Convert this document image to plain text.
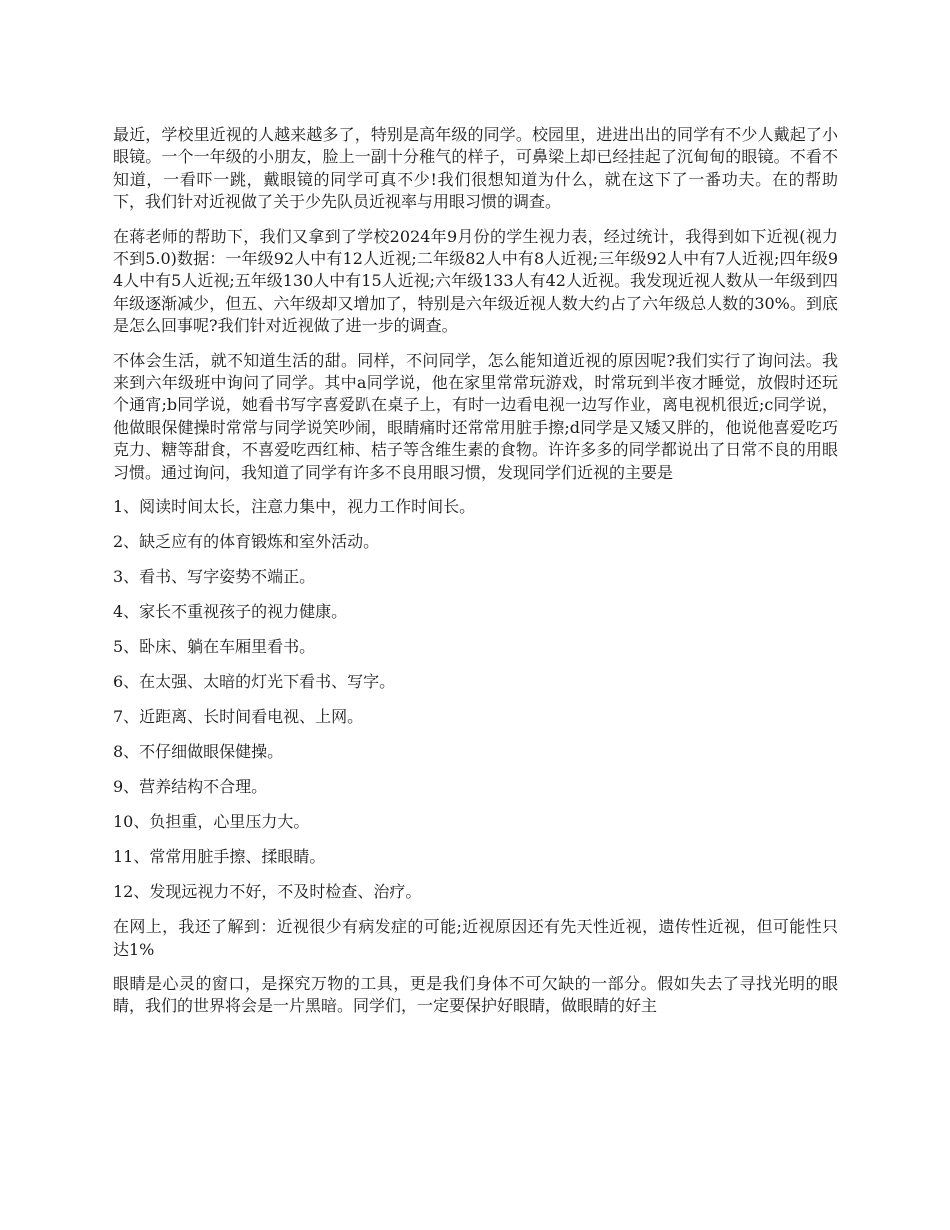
最近，学校里近视的人越来越多了，特别是高年级的同学。校园里，进进出出的同学有不少人戴起了小眼镜。一个一年级的小朋友，脸上一副十分稚气的样子，可鼻梁上却已经挂起了沉甸甸的眼镜。不看不知道，一看吓一跳，戴眼镜的同学可真不少!我们很想知道为什么，就在这下了一番功夫。在的帮助下，我们针对近视做了关于少先队员近视率与用眼习惯的调查。

在蒋老师的帮助下，我们又拿到了学校2024年9月份的学生视力表，经过统计，我得到如下近视(视力不到5.0)数据：一年级92人中有12人近视;二年级82人中有8人近视;三年级92人中有7人近视;四年级94人中有5人近视;五年级130人中有15人近视;六年级133人有42人近视。我发现近视人数从一年级到四年级逐渐减少，但五、六年级却又增加了，特别是六年级近视人数大约占了六年级总人数的30%。到底是怎么回事呢?我们针对近视做了进一步的调查。

不体会生活，就不知道生活的甜。同样，不问同学，怎么能知道近视的原因呢?我们实行了询问法。我来到六年级班中询问了同学。其中a同学说，他在家里常常玩游戏，时常玩到半夜才睡觉，放假时还玩个通宵;b同学说，她看书写字喜爱趴在桌子上，有时一边看电视一边写作业，离电视机很近;c同学说，他做眼保健操时常常与同学说笑吵闹，眼睛痛时还常常用脏手擦;d同学是又矮又胖的，他说他喜爱吃巧克力、糖等甜食，不喜爱吃西红柿、桔子等含维生素的食物。许许多多的同学都说出了日常不良的用眼习惯。通过询问，我知道了同学有许多不良用眼习惯，发现同学们近视的主要是

1、阅读时间太长，注意力集中，视力工作时间长。

2、缺乏应有的体育锻炼和室外活动。

3、看书、写字姿势不端正。

4、家长不重视孩子的视力健康。

5、卧床、躺在车厢里看书。

6、在太强、太暗的灯光下看书、写字。

7、近距离、长时间看电视、上网。

8、不仔细做眼保健操。

9、营养结构不合理。

10、负担重，心里压力大。

11、常常用脏手擦、揉眼睛。

12、发现远视力不好，不及时检查、治疗。

在网上，我还了解到：近视很少有病发症的可能;近视原因还有先天性近视，遗传性近视，但可能性只达1%

眼睛是心灵的窗口，是探究万物的工具，更是我们身体不可欠缺的一部分。假如失去了寻找光明的眼睛，我们的世界将会是一片黑暗。同学们，一定要保护好眼睛，做眼睛的好主
